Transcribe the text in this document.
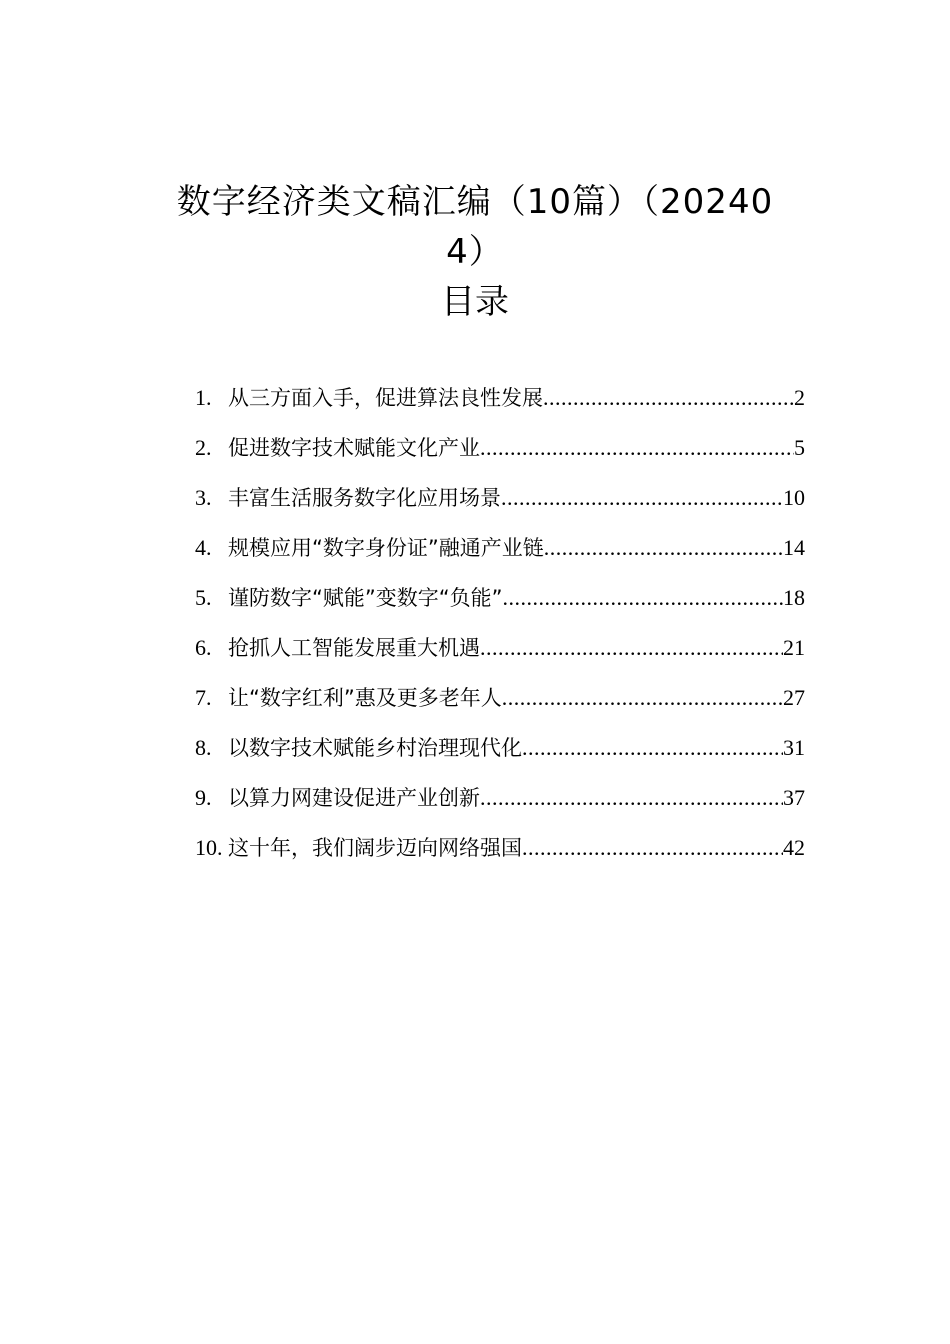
数字经济类文稿汇编（10篇）（20240
4）
目录
1. 从三方面入手，促进算法良性发展 .....	2
2. 促进数字技术赋能文化产业 .....	5
3. 丰富生活服务数字化应用场景 .....	10
4. 规模应用“数字身份证”融通产业链 .....	14
5. 谨防数字“赋能”变数字“负能” .....	18
6. 抢抓人工智能发展重大机遇 .....	21
7. 让“数字红利”惠及更多老年人 .....	27
8. 以数字技术赋能乡村治理现代化 .....	31
9. 以算力网建设促进产业创新 .....	37
10. 这十年，我们阔步迈向网络强国 .....	42
